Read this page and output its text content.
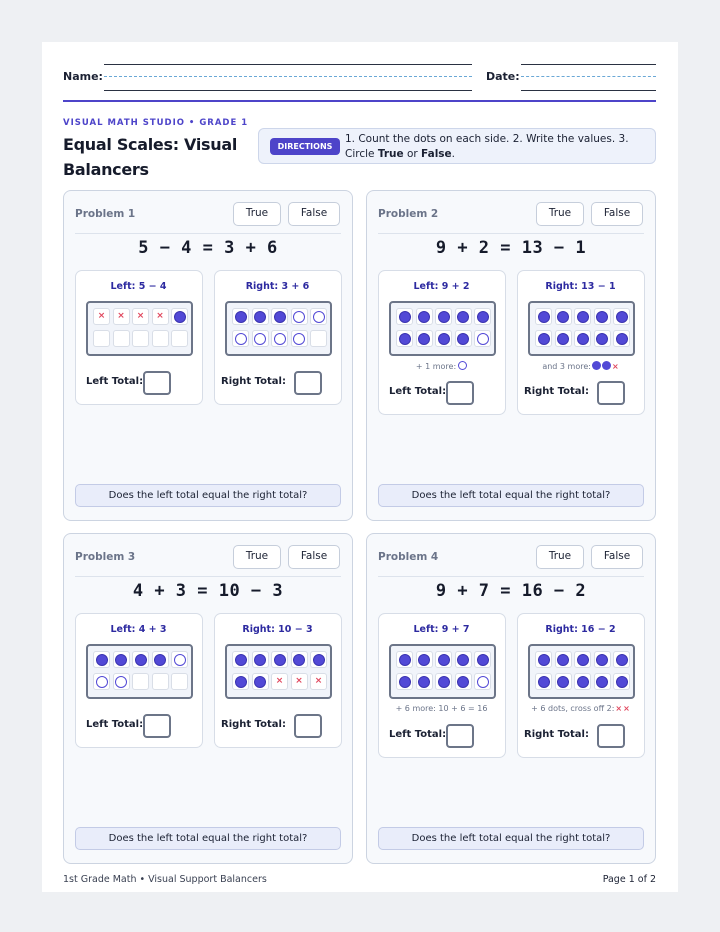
Name:	Date:
VISUAL MATH STUDIO • GRADE 1
Equal Scales: Visual Balancers
DIRECTIONS
1. Count the dots on each side. 2. Write the values. 3. Circle True or False.
Problem 1	True	False
5 − 4 = 3 + 6
Left: 5 − 4
×	×	×	×
Left Total:
Right: 3 + 6
Right Total:
Does the left total equal the right total?
Problem 2	True	False
9 + 2 = 13 − 1
Left: 9 + 2
+ 1 more:
Left Total:
Right: 13 − 1
and 3 more:	×
Right Total:
Does the left total equal the right total?
Problem 3	True	False
4 + 3 = 10 − 3
Left: 4 + 3
Left Total:
Right: 10 − 3
×	×	×
Right Total:
Does the left total equal the right total?
Problem 4	True	False
9 + 7 = 16 − 2
Left: 9 + 7
+ 6 more: 10 + 6 = 16
Left Total:
Right: 16 − 2
+ 6 dots, cross off 2:××
Right Total:
Does the left total equal the right total?
1st Grade Math • Visual Support Balancers	Page 1 of 2
